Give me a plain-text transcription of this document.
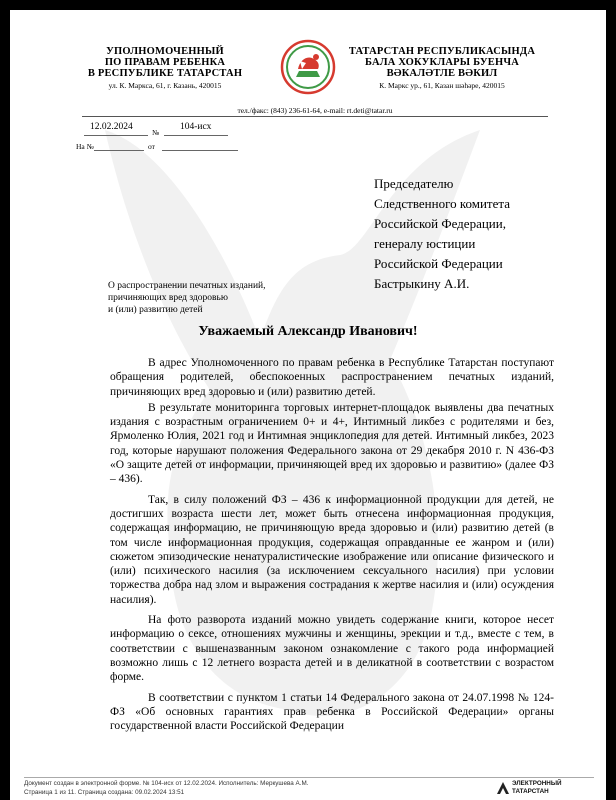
УПОЛНОМОЧЕННЫЙ
ПО ПРАВАМ РЕБЕНКА
В РЕСПУБЛИКЕ ТАТАРСТАН
ул. К. Маркса, 61, г. Казань, 420015
ТАТАРСТАН РЕСПУБЛИКАСЫНДА
БАЛА ХОКУКЛАРЫ БУЕНЧА
ВӘКАЛӘТЛЕ ВӘКИЛ
К. Маркс ур., 61, Казан шәһәре, 420015
тел./факс: (843) 236-61-64, e-mail: rt.deti@tatar.ru
12.02.2024
№
104-исх
На №	от
Председателю
Следственного комитета
Российской Федерации,
генералу юстиции
Российской Федерации
Бастрыкину А.И.
О распространении печатных изданий,
причиняющих вред здоровью
и (или) развитию детей
Уважаемый Александр Иванович!

В адрес Уполномоченного по правам ребенка в Республике Татарстан поступают обращения родителей, обеспокоенных распространением печатных изданий, причиняющих вред здоровью и (или) развитию детей.

В результате мониторинга торговых интернет-площадок выявлены два печатных издания с возрастным ограничением 0+ и 4+, Интимный ликбез с родителями и без, Ярмоленко Юлия, 2021 год и Интимная энциклопедия для детей. Интимный ликбез, 2023 год, которые нарушают положения Федерального закона от 29 декабря 2010 г. N 436-ФЗ «О защите детей от информации, причиняющей вред их здоровью и развитию» (далее ФЗ – 436).

Так, в силу положений ФЗ – 436 к информационной продукции для детей, не достигших возраста шести лет, может быть отнесена информационная продукция, содержащая информацию, не причиняющую вреда здоровью и (или) развитию детей (в том числе информационная продукция, содержащая оправданные ее жанром и (или) сюжетом эпизодические ненатуралистические изображение или описание физического и (или) психического насилия (за исключением сексуального насилия) при условии торжества добра над злом и выражения сострадания к жертве насилия и (или) осуждения насилия).

На фото разворота изданий можно увидеть содержание книги, которое несет информацию о сексе, отношениях мужчины и женщины, эрекции и т.д., вместе с тем, в соответствии с вышеназванным законом ознакомление с такого рода информацией возможно лишь с 12 летнего возраста детей и в деликатной в соответствии с возрастом форме.

В соответствии с пунктом 1 статьи 14 Федерального закона от 24.07.1998 № 124-ФЗ «Об основных гарантиях прав ребенка в Российской Федерации» органы государственной власти Российской Федерации

Документ создан в электронной форме. № 104-исх от 12.02.2024. Исполнитель: Меркушева А.М.
Страница 1 из 11. Страница создана: 09.02.2024 13:51
ЭЛЕКТРОННЫЙ
ТАТАРСТАН
